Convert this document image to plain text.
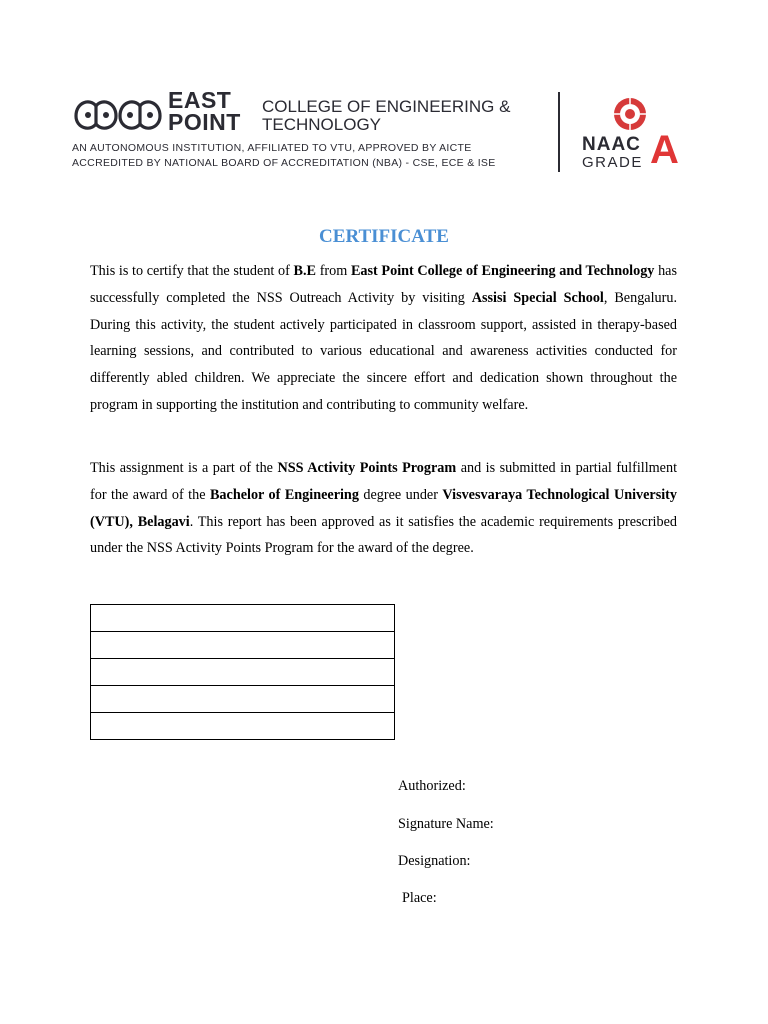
EAST
POINT
COLLEGE OF ENGINEERING &
TECHNOLOGY
AN AUTONOMOUS INSTITUTION, AFFILIATED TO VTU, APPROVED BY AICTE
ACCREDITED BY NATIONAL BOARD OF ACCREDITATION (NBA) - CSE, ECE & ISE
NAAC
GRADE A
CERTIFICATE

This is to certify that the student of B.E from East Point College of Engineering and Technology has successfully completed the NSS Outreach Activity by visiting Assisi Special School, Bengaluru. During this activity, the student actively participated in classroom support, assisted in therapy-based learning sessions, and contributed to various educational and awareness activities conducted for differently abled children. We appreciate the sincere effort and dedication shown throughout the program in supporting the institution and contributing to community welfare.

This assignment is a part of the NSS Activity Points Program and is submitted in partial fulfillment for the award of the Bachelor of Engineering degree under Visvesvaraya Technological University (VTU), Belagavi. This report has been approved as it satisfies the academic requirements prescribed under the NSS Activity Points Program for the award of the degree.

Authorized:
Signature Name:
Designation:
Place:
